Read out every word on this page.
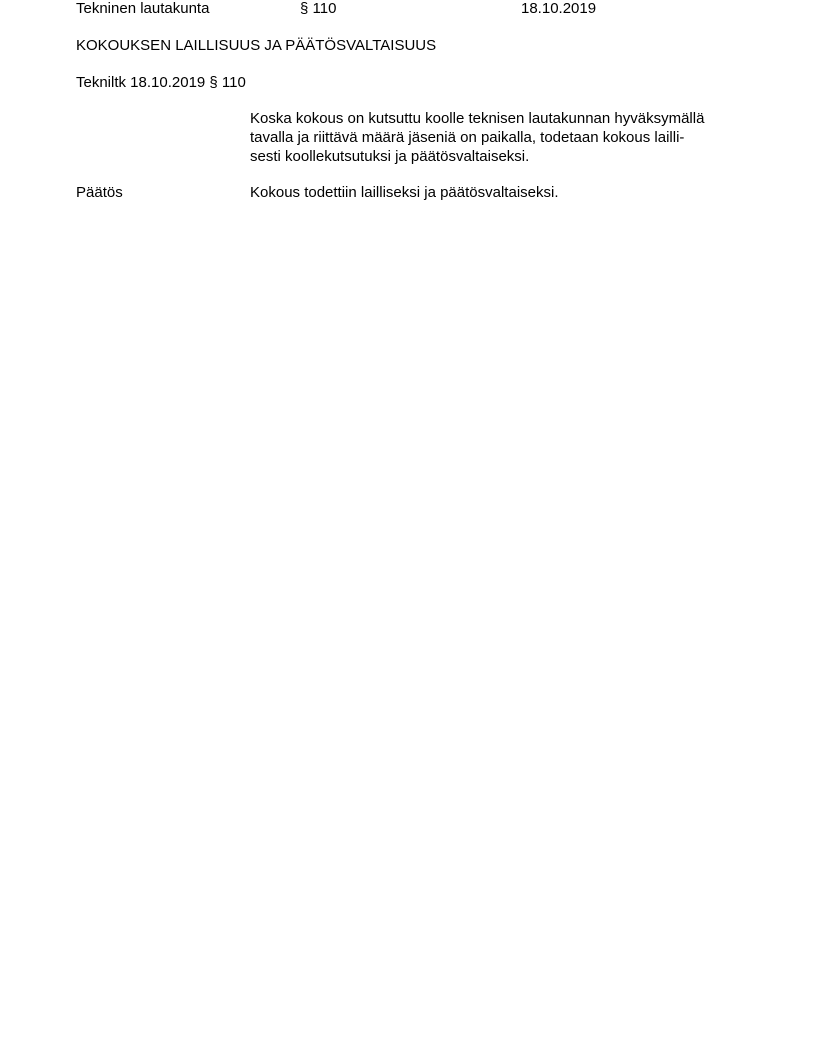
Tekninen lautakunta	§ 110	18.10.2019
KOKOUKSEN LAILLISUUS JA PÄÄTÖSVALTAISUUS
Tekniltk 18.10.2019 § 110
Koska kokous on kutsuttu koolle teknisen lautakunnan hyväksymällä
tavalla ja riittävä määrä jäseniä on paikalla, todetaan kokous lailli-
sesti koollekutsutuksi ja päätösvaltaiseksi.
Päätös	Kokous todettiin lailliseksi ja päätösvaltaiseksi.
